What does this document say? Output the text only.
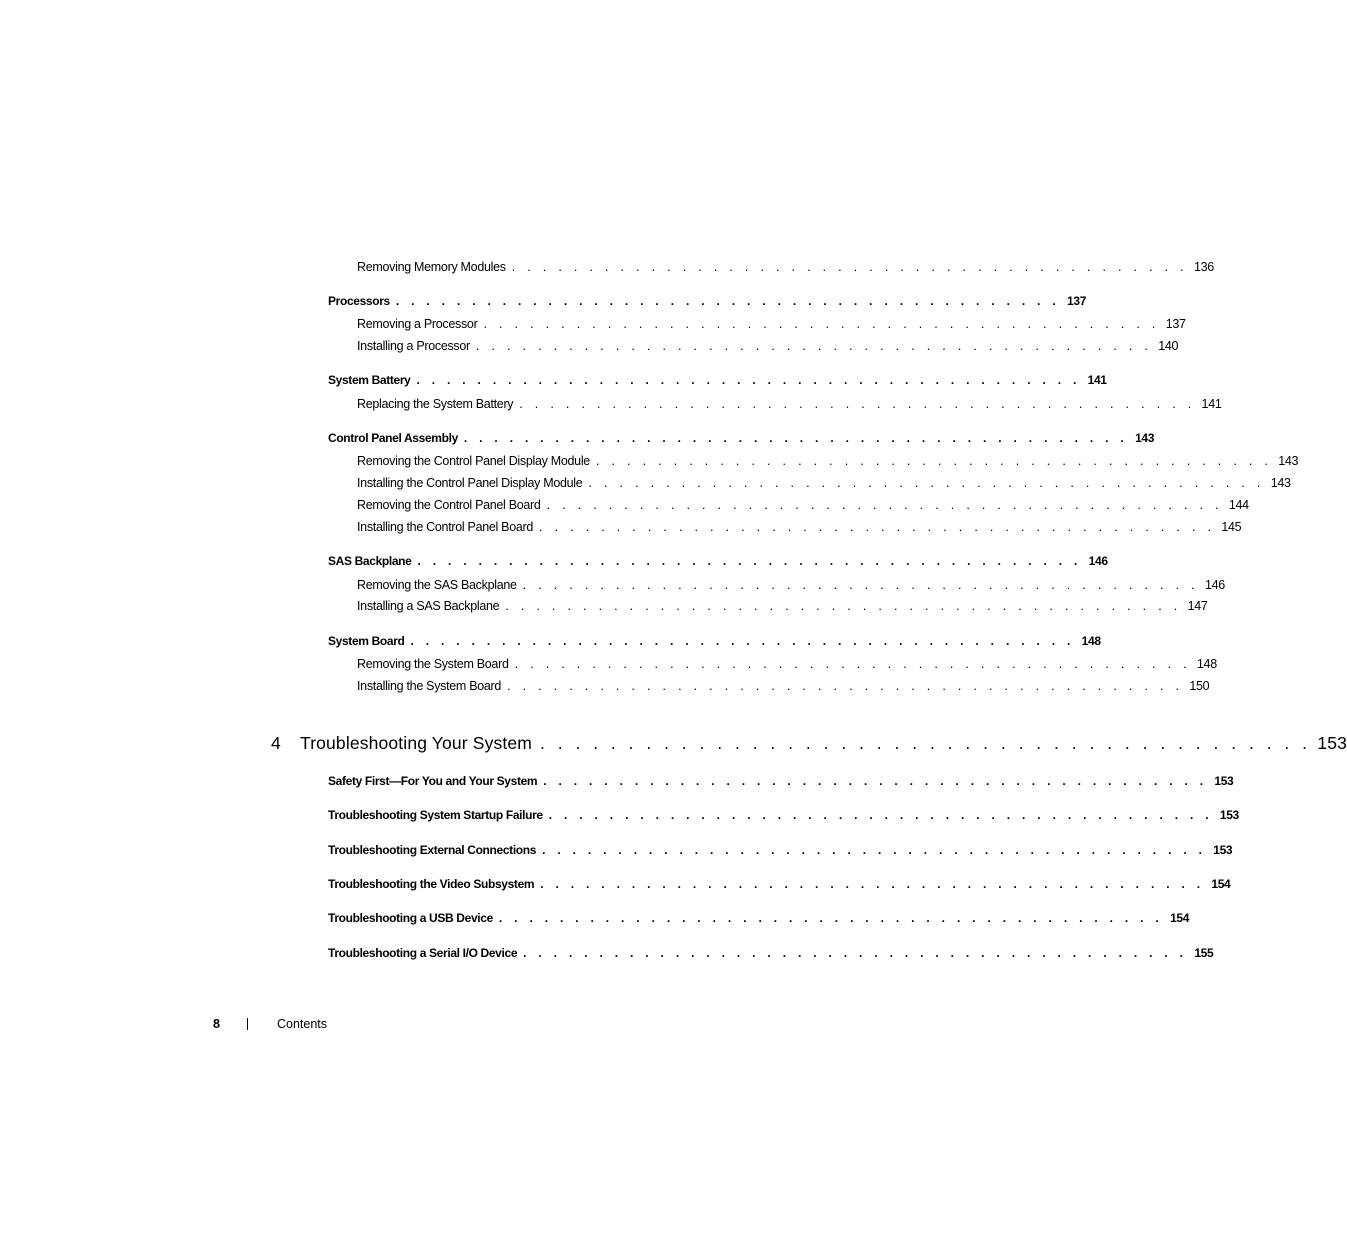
Removing Memory Modules . . . . . . . . . . . . . . . . . . . . . . . . . . . . . . . . . . . . . . . . . . . . 136
Processors . . . . . . . . . . . . . . . . . . . . . . . . . . . . . . . . . . . . . . . . . . . . 137
Removing a Processor . . . . . . . . . . . . . . . . . . . . . . . . . . . . . . . . . . . . . . . . . . . . 137
Installing a Processor . . . . . . . . . . . . . . . . . . . . . . . . . . . . . . . . . . . . . . . . . . . . 140
System Battery . . . . . . . . . . . . . . . . . . . . . . . . . . . . . . . . . . . . . . . . . . . . 141
Replacing the System Battery . . . . . . . . . . . . . . . . . . . . . . . . . . . . . . . . . . . . . . . . . . . . 141
Control Panel Assembly . . . . . . . . . . . . . . . . . . . . . . . . . . . . . . . . . . . . . . . . . . . . 143
Removing the Control Panel Display Module . . . . . . . . . . . . . . . . . . . . . . . . . . . . . . . . . . . . . . . . . . . . 143
Installing the Control Panel Display Module . . . . . . . . . . . . . . . . . . . . . . . . . . . . . . . . . . . . . . . . . . . . 143
Removing the Control Panel Board . . . . . . . . . . . . . . . . . . . . . . . . . . . . . . . . . . . . . . . . . . . . 144
Installing the Control Panel Board . . . . . . . . . . . . . . . . . . . . . . . . . . . . . . . . . . . . . . . . . . . . 145
SAS Backplane . . . . . . . . . . . . . . . . . . . . . . . . . . . . . . . . . . . . . . . . . . . . 146
Removing the SAS Backplane . . . . . . . . . . . . . . . . . . . . . . . . . . . . . . . . . . . . . . . . . . . . 146
Installing a SAS Backplane . . . . . . . . . . . . . . . . . . . . . . . . . . . . . . . . . . . . . . . . . . . . 147
System Board . . . . . . . . . . . . . . . . . . . . . . . . . . . . . . . . . . . . . . . . . . . . 148
Removing the System Board . . . . . . . . . . . . . . . . . . . . . . . . . . . . . . . . . . . . . . . . . . . . 148
Installing the System Board . . . . . . . . . . . . . . . . . . . . . . . . . . . . . . . . . . . . . . . . . . . . 150
4	Troubleshooting Your System . . . . . . . . . . . . . . . . . . . . . . . . . . . . . . . . . . . . . . . . . . . . 153
Safety First—For You and Your System . . . . . . . . . . . . . . . . . . . . . . . . . . . . . . . . . . . . . . . . . . . . 153
Troubleshooting System Startup Failure . . . . . . . . . . . . . . . . . . . . . . . . . . . . . . . . . . . . . . . . . . . . 153
Troubleshooting External Connections . . . . . . . . . . . . . . . . . . . . . . . . . . . . . . . . . . . . . . . . . . . . 153
Troubleshooting the Video Subsystem . . . . . . . . . . . . . . . . . . . . . . . . . . . . . . . . . . . . . . . . . . . . 154
Troubleshooting a USB Device . . . . . . . . . . . . . . . . . . . . . . . . . . . . . . . . . . . . . . . . . . . . 154
Troubleshooting a Serial I/O Device . . . . . . . . . . . . . . . . . . . . . . . . . . . . . . . . . . . . . . . . . . . . 155
8	Contents
